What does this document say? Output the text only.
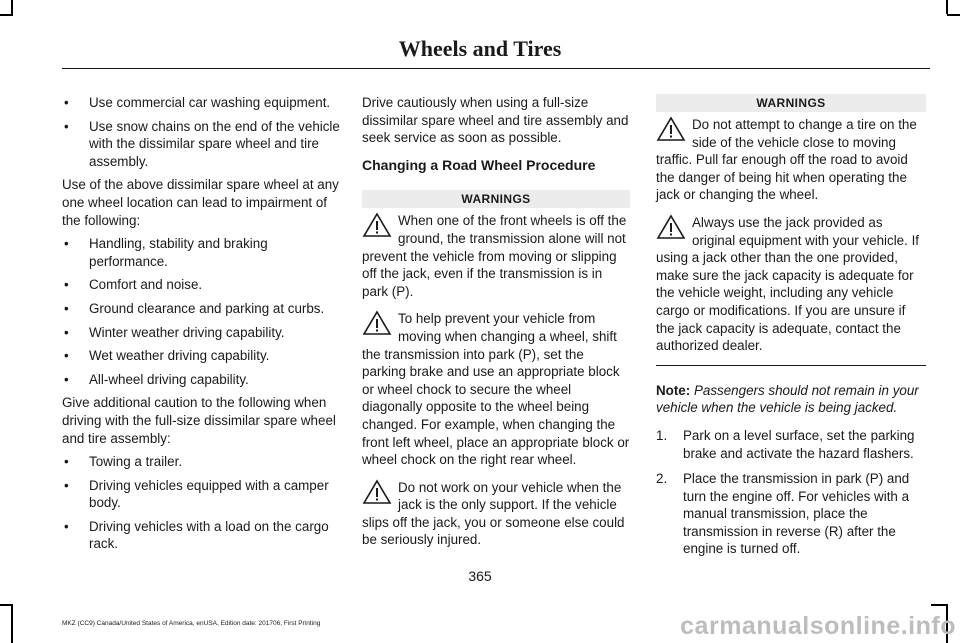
Wheels and Tires
• Use commercial car washing equipment.
• Use snow chains on the end of the vehicle with the dissimilar spare wheel and tire assembly.

Use of the above dissimilar spare wheel at any one wheel location can lead to impairment of the following:

• Handling, stability and braking performance.
• Comfort and noise.
• Ground clearance and parking at curbs.
• Winter weather driving capability.
• Wet weather driving capability.
• All-wheel driving capability.

Give additional caution to the following when driving with the full-size dissimilar spare wheel and tire assembly:

• Towing a trailer.
• Driving vehicles equipped with a camper body.
• Driving vehicles with a load on the cargo rack.

Drive cautiously when using a full-size dissimilar spare wheel and tire assembly and seek service as soon as possible.

Changing a Road Wheel Procedure
WARNINGS

When one of the front wheels is off the ground, the transmission alone will not prevent the vehicle from moving or slipping off the jack, even if the transmission is in park (P).

To help prevent your vehicle from moving when changing a wheel, shift the transmission into park (P), set the parking brake and use an appropriate block or wheel chock to secure the wheel diagonally opposite to the wheel being changed. For example, when changing the front left wheel, place an appropriate block or wheel chock on the right rear wheel.

Do not work on your vehicle when the jack is the only support. If the vehicle slips off the jack, you or someone else could be seriously injured.

WARNINGS

Do not attempt to change a tire on the side of the vehicle close to moving traffic. Pull far enough off the road to avoid the danger of being hit when operating the jack or changing the wheel.

Always use the jack provided as original equipment with your vehicle. If using a jack other than the one provided, make sure the jack capacity is adequate for the vehicle weight, including any vehicle cargo or modifications. If you are unsure if the jack capacity is adequate, contact the authorized dealer.

Note: Passengers should not remain in your vehicle when the vehicle is being jacked.

1. Park on a level surface, set the parking brake and activate the hazard flashers.
2. Place the transmission in park (P) and turn the engine off. For vehicles with a manual transmission, place the transmission in reverse (R) after the engine is turned off.
365
MKZ (CC9) Canada/United States of America, enUSA, Edition date: 201706, First Printing	carmanualsonline.info
